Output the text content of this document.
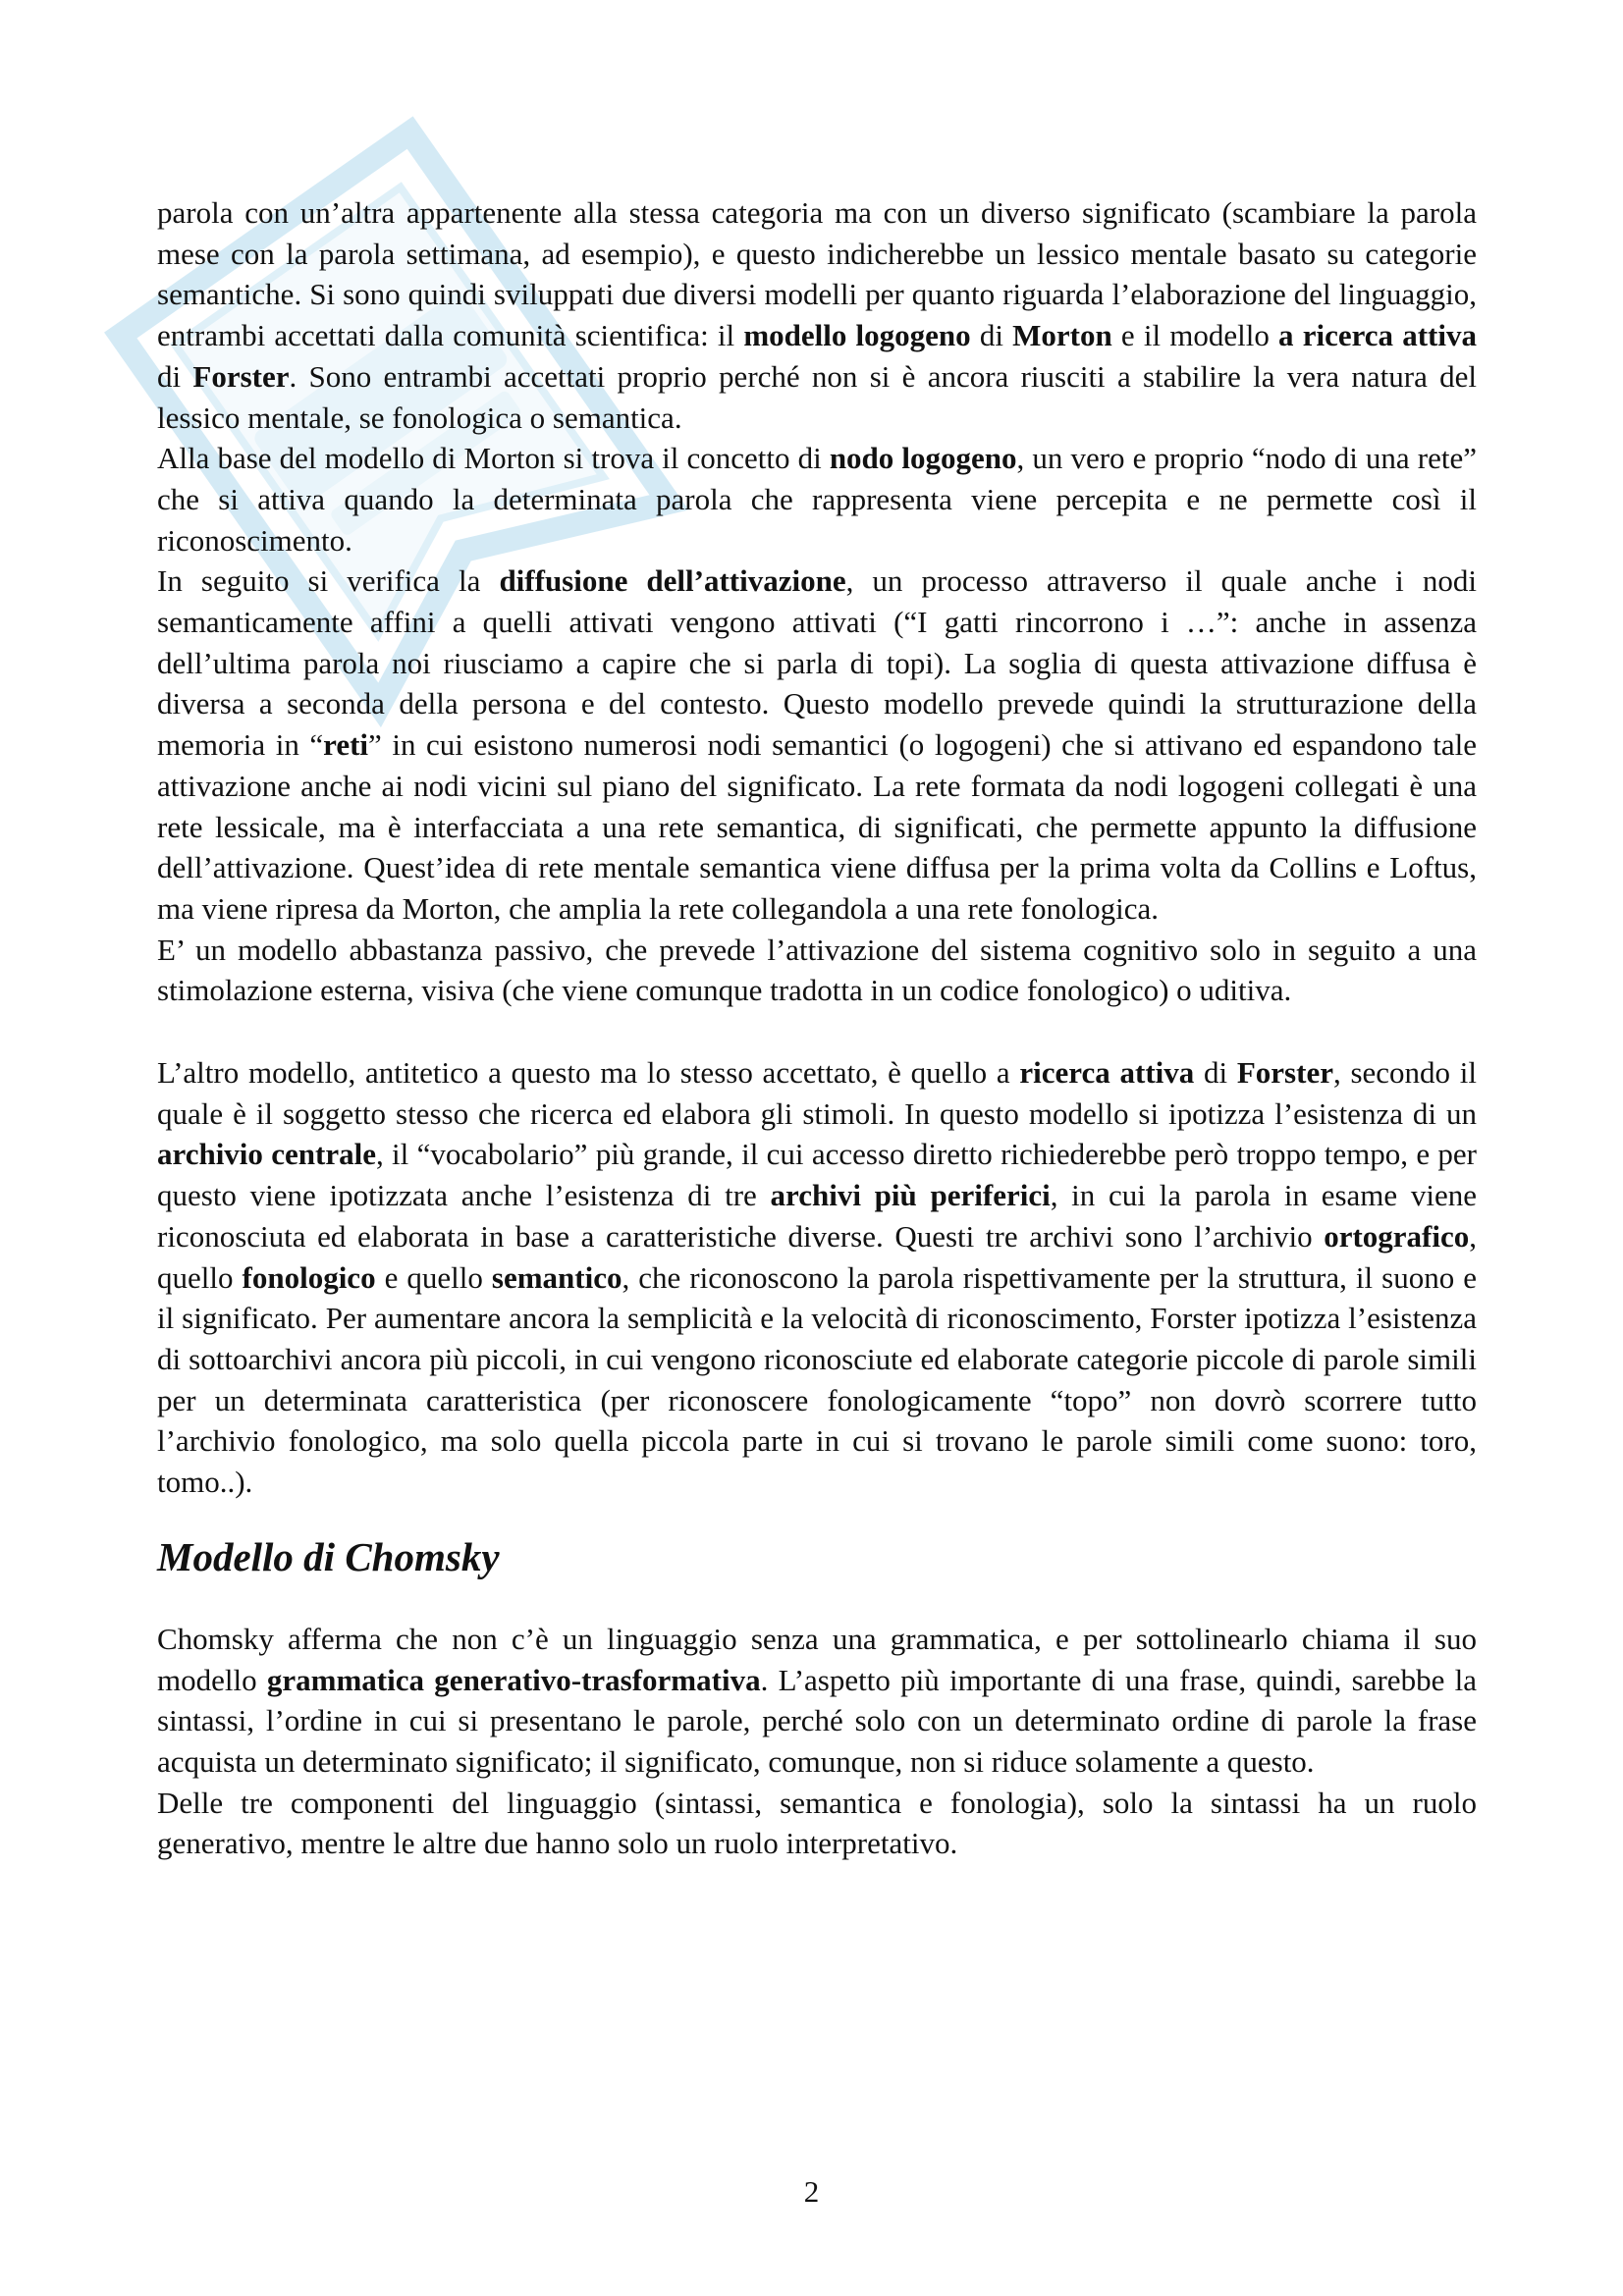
parola con un’altra appartenente alla stessa categoria ma con un diverso significato (scambiare la parola mese con la parola settimana, ad esempio), e questo indicherebbe un lessico mentale basato su categorie semantiche. Si sono quindi sviluppati due diversi modelli per quanto riguarda l’elaborazione del linguaggio, entrambi accettati dalla comunità scientifica: il modello logogeno di Morton e il modello a ricerca attiva di Forster. Sono entrambi accettati proprio perché non si è ancora riusciti a stabilire la vera natura del lessico mentale, se fonologica o semantica.

Alla base del modello di Morton si trova il concetto di nodo logogeno, un vero e proprio “nodo di una rete” che si attiva quando la determinata parola che rappresenta viene percepita e ne permette così il riconoscimento.

In seguito si verifica la diffusione dell’attivazione, un processo attraverso il quale anche i nodi semanticamente affini a quelli attivati vengono attivati (“I gatti rincorrono i …”: anche in assenza dell’ultima parola noi riusciamo a capire che si parla di topi). La soglia di questa attivazione diffusa è diversa a seconda della persona e del contesto. Questo modello prevede quindi la strutturazione della memoria in “reti” in cui esistono numerosi nodi semantici (o logogeni) che si attivano ed espandono tale attivazione anche ai nodi vicini sul piano del significato. La rete formata da nodi logogeni collegati è una rete lessicale, ma è interfacciata a una rete semantica, di significati, che permette appunto la diffusione dell’attivazione. Quest’idea di rete mentale semantica viene diffusa per la prima volta da Collins e Loftus, ma viene ripresa da Morton, che amplia la rete collegandola a una rete fonologica.

E’ un modello abbastanza passivo, che prevede l’attivazione del sistema cognitivo solo in seguito a una stimolazione esterna, visiva (che viene comunque tradotta in un codice fonologico) o uditiva.

L’altro modello, antitetico a questo ma lo stesso accettato, è quello a ricerca attiva di Forster, secondo il quale è il soggetto stesso che ricerca ed elabora gli stimoli. In questo modello si ipotizza l’esistenza di un archivio centrale, il “vocabolario” più grande, il cui accesso diretto richiederebbe però troppo tempo, e per questo viene ipotizzata anche l’esistenza di tre archivi più periferici, in cui la parola in esame viene riconosciuta ed elaborata in base a caratteristiche diverse. Questi tre archivi sono l’archivio ortografico, quello fonologico e quello semantico, che riconoscono la parola rispettivamente per la struttura, il suono e il significato. Per aumentare ancora la semplicità e la velocità di riconoscimento, Forster ipotizza l’esistenza di sottoarchivi ancora più piccoli, in cui vengono riconosciute ed elaborate categorie piccole di parole simili per un determinata caratteristica (per riconoscere fonologicamente “topo” non dovrò scorrere tutto l’archivio fonologico, ma solo quella piccola parte in cui si trovano le parole simili come suono: toro, tomo..).

Modello di Chomsky

Chomsky afferma che non c’è un linguaggio senza una grammatica, e per sottolinearlo chiama il suo modello grammatica generativo-trasformativa. L’aspetto più importante di una frase, quindi, sarebbe la sintassi, l’ordine in cui si presentano le parole, perché solo con un determinato ordine di parole la frase acquista un determinato significato; il significato, comunque, non si riduce solamente a questo.

Delle tre componenti del linguaggio (sintassi, semantica e fonologia), solo la sintassi ha un ruolo generativo, mentre le altre due hanno solo un ruolo interpretativo.

2
